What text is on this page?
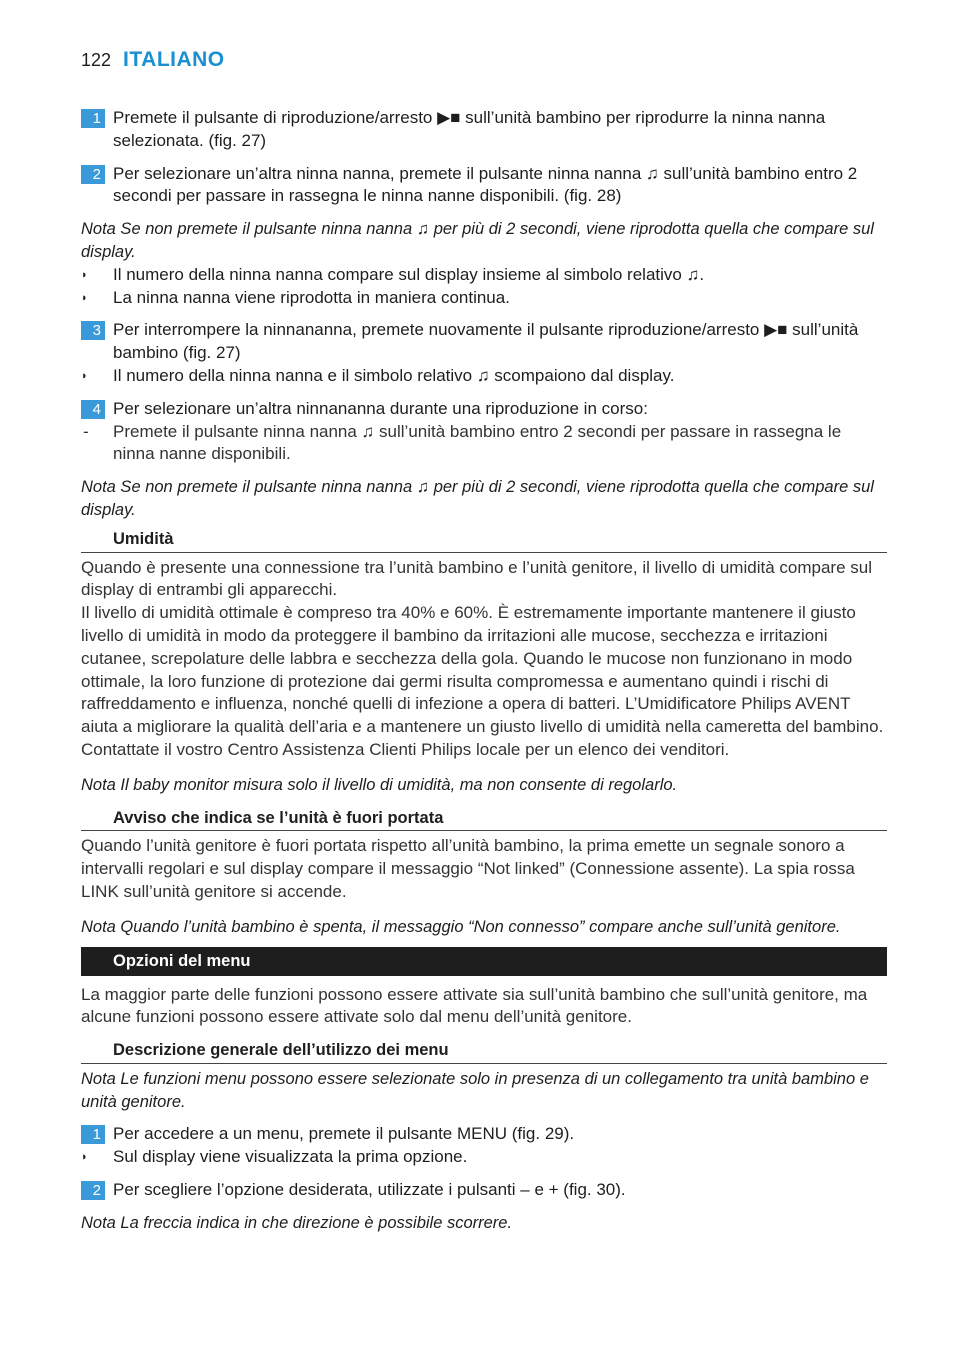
122 ITALIANO
1 Premete il pulsante di riproduzione/arresto ▶■ sull’unità bambino per riprodurre la ninna nanna selezionata. (fig. 27)
2 Per selezionare un’altra ninna nanna, premete il pulsante ninna nanna ♫ sull’unità bambino entro 2 secondi per passare in rassegna le ninna nanne disponibili. (fig. 28)
Nota Se non premete il pulsante ninna nanna ♫ per più di 2 secondi, viene riprodotta quella che compare sul display.
◗ Il numero della ninna nanna compare sul display insieme al simbolo relativo ♫.
◗ La ninna nanna viene riprodotta in maniera continua.
3 Per interrompere la ninnananna, premete nuovamente il pulsante riproduzione/arresto ▶■ sull’unità bambino (fig. 27)
◗ Il numero della ninna nanna e il simbolo relativo ♫ scompaiono dal display.
4 Per selezionare un’altra ninnananna durante una riproduzione in corso:
- Premete il pulsante ninna nanna ♫ sull’unità bambino entro 2 secondi per passare in rassegna le ninna nanne disponibili.
Nota Se non premete il pulsante ninna nanna ♫ per più di 2 secondi, viene riprodotta quella che compare sul display.
Umidità
Quando è presente una connessione tra l’unità bambino e l’unità genitore, il livello di umidità compare sul display di entrambi gli apparecchi.
Il livello di umidità ottimale è compreso tra 40% e 60%. È estremamente importante mantenere il giusto livello di umidità in modo da proteggere il bambino da irritazioni alle mucose, secchezza e irritazioni cutanee, screpolature delle labbra e secchezza della gola. Quando le mucose non funzionano in modo ottimale, la loro funzione di protezione dai germi risulta compromessa e aumentano quindi i rischi di raffreddamento e influenza, nonché quelli di infezione a opera di batteri. L’Umidificatore Philips AVENT aiuta a migliorare la qualità dell’aria e a mantenere un giusto livello di umidità nella cameretta del bambino. Contattate il vostro Centro Assistenza Clienti Philips locale per un elenco dei venditori.
Nota Il baby monitor misura solo il livello di umidità, ma non consente di regolarlo.
Avviso che indica se l’unità è fuori portata
Quando l’unità genitore è fuori portata rispetto all’unità bambino, la prima emette un segnale sonoro a intervalli regolari e sul display compare il messaggio “Not linked” (Connessione assente). La spia rossa LINK sull’unità genitore si accende.
Nota Quando l’unità bambino è spenta, il messaggio “Non connesso” compare anche sull’unità genitore.
Opzioni del menu
La maggior parte delle funzioni possono essere attivate sia sull’unità bambino che sull’unità genitore, ma alcune funzioni possono essere attivate solo dal menu dell’unità genitore.
Descrizione generale dell’utilizzo dei menu
Nota Le funzioni menu possono essere selezionate solo in presenza di un collegamento tra unità bambino e unità genitore.
1 Per accedere a un menu, premete il pulsante MENU (fig. 29).
◗ Sul display viene visualizzata la prima opzione.
2 Per scegliere l’opzione desiderata, utilizzate i pulsanti – e + (fig. 30).
Nota La freccia indica in che direzione è possibile scorrere.
